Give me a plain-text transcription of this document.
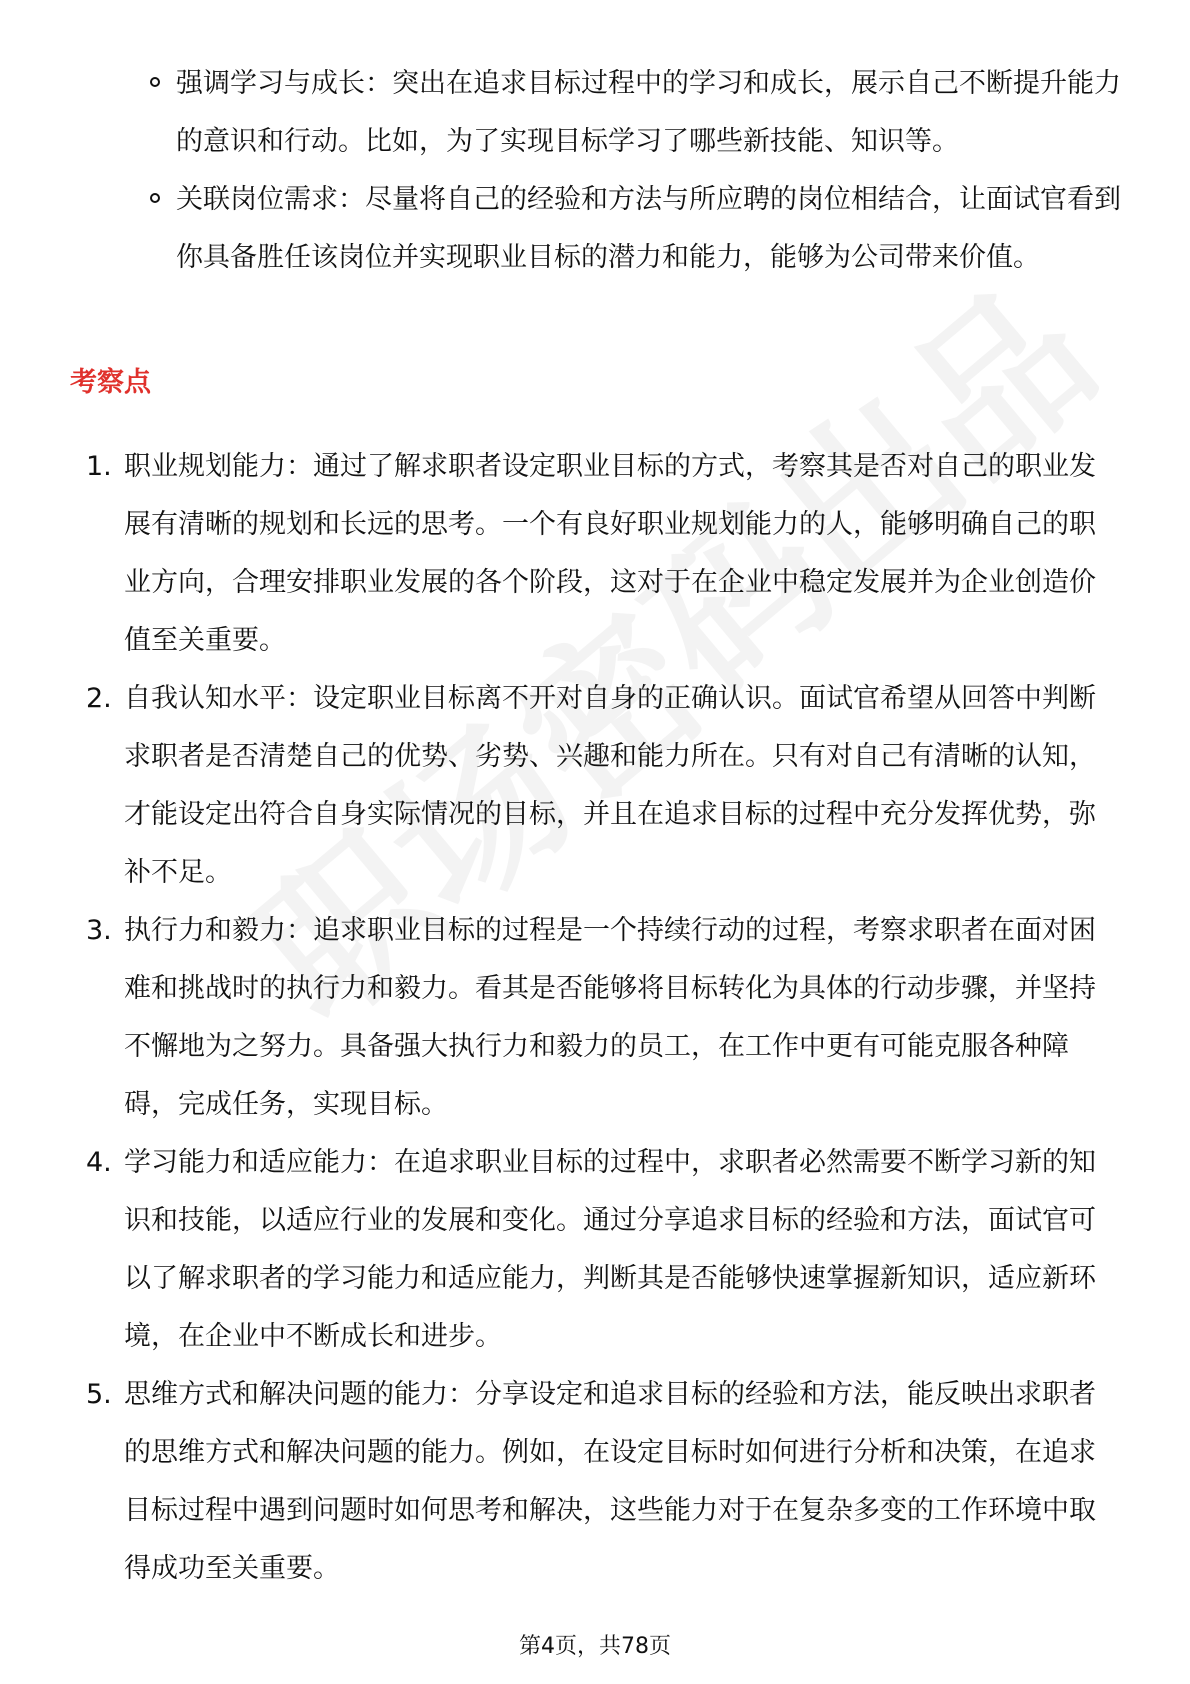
强调学习与成长：突出在追求目标过程中的学习和成长，展示自己不断提升能力的意识和行动。比如，为了实现目标学习了哪些新技能、知识等。
关联岗位需求：尽量将自己的经验和方法与所应聘的岗位相结合，让面试官看到你具备胜任该岗位并实现职业目标的潜力和能力，能够为公司带来价值。
考察点
1. 职业规划能力：通过了解求职者设定职业目标的方式，考察其是否对自己的职业发展有清晰的规划和长远的思考。一个有良好职业规划能力的人，能够明确自己的职业方向，合理安排职业发展的各个阶段，这对于在企业中稳定发展并为企业创造价值至关重要。
2. 自我认知水平：设定职业目标离不开对自身的正确认识。面试官希望从回答中判断求职者是否清楚自己的优势、劣势、兴趣和能力所在。只有对自己有清晰的认知，才能设定出符合自身实际情况的目标，并且在追求目标的过程中充分发挥优势，弥补不足。
3. 执行力和毅力：追求职业目标的过程是一个持续行动的过程，考察求职者在面对困难和挑战时的执行力和毅力。看其是否能够将目标转化为具体的行动步骤，并坚持不懈地为之努力。具备强大执行力和毅力的员工，在工作中更有可能克服各种障碍，完成任务，实现目标。
4. 学习能力和适应能力：在追求职业目标的过程中，求职者必然需要不断学习新的知识和技能，以适应行业的发展和变化。通过分享追求目标的经验和方法，面试官可以了解求职者的学习能力和适应能力，判断其是否能够快速掌握新知识，适应新环境，在企业中不断成长和进步。
5. 思维方式和解决问题的能力：分享设定和追求目标的经验和方法，能反映出求职者的思维方式和解决问题的能力。例如，在设定目标时如何进行分析和决策，在追求目标过程中遇到问题时如何思考和解决，这些能力对于在复杂多变的工作环境中取得成功至关重要。
第4页，共78页
